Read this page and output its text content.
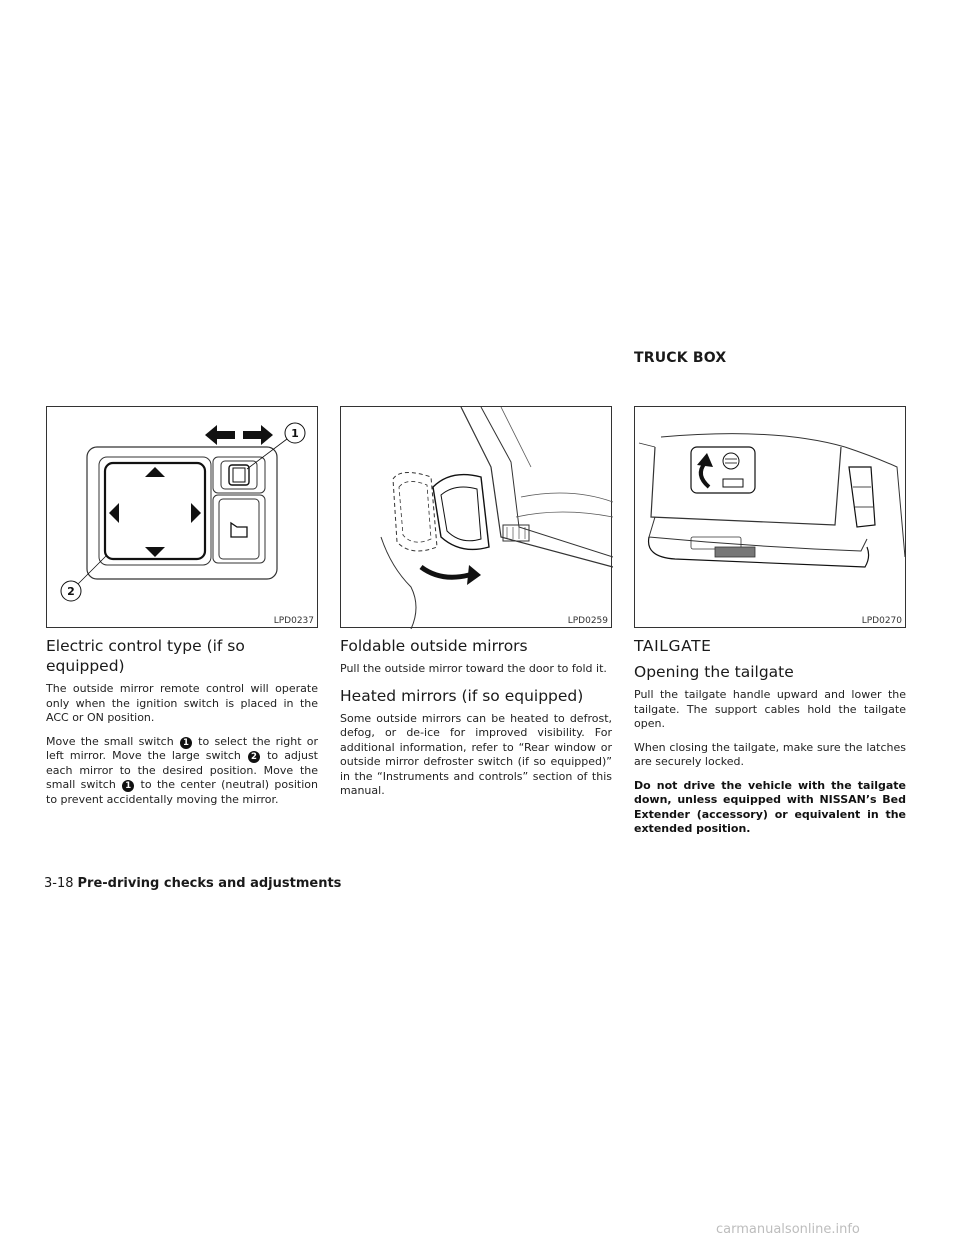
TRUCK BOX
1
2
LPD0237	LPD0259	LPD0270
Electric control type (if so equipped)

The outside mirror remote control will operate only when the ignition switch is placed in the ACC or ON position.

Move the small switch 1 to select the right or left mirror. Move the large switch 2 to adjust each mirror to the desired position. Move the small switch 1 to the center (neutral) position to prevent accidentally moving the mirror.

Foldable outside mirrors

Pull the outside mirror toward the door to fold it.

Heated mirrors (if so equipped)

Some outside mirrors can be heated to defrost, defog, or de-ice for improved visibility. For additional information, refer to “Rear window or outside mirror defroster switch (if so equipped)” in the “Instruments and controls” section of this manual.

TAILGATE
Opening the tailgate

Pull the tailgate handle upward and lower the tailgate. The support cables hold the tailgate open.

When closing the tailgate, make sure the latches are securely locked.

Do not drive the vehicle with the tailgate down, unless equipped with NISSAN’s Bed Extender (accessory) or equivalent in the extended position.

3-18 Pre-driving checks and adjustments
carmanualsonline.info
